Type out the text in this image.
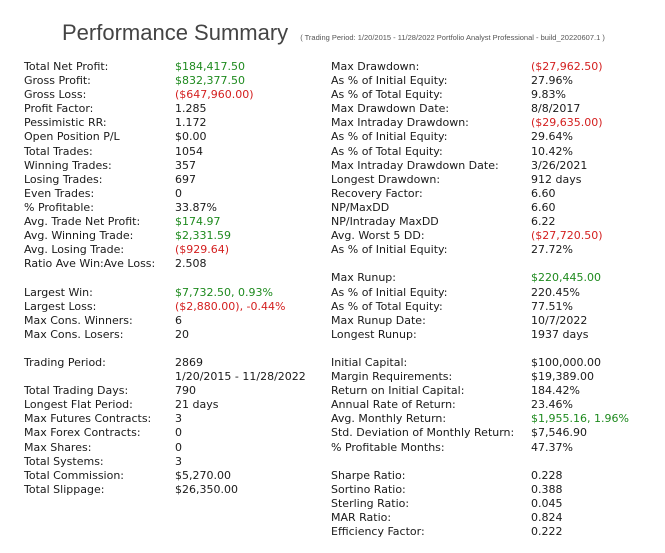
Performance Summary ( Trading Period: 1/20/2015 - 11/28/2022 Portfolio Analyst Professional - build_20220607.1 )
Total Net Profit:	$184,417.50
Gross Profit:	$832,377.50
Gross Loss:	($647,960.00)
Profit Factor:	1.285
Pessimistic RR:	1.172
Open Position P/L	$0.00
Total Trades:	1054
Winning Trades:	357
Losing Trades:	697
Even Trades:	0
% Profitable:	33.87%
Avg. Trade Net Profit:	$174.97
Avg. Winning Trade:	$2,331.59
Avg. Losing Trade:	($929.64)
Ratio Ave Win:Ave Loss: 2.508
Largest Win:	$7,732.50, 0.93%
Largest Loss:	($2,880.00), -0.44%
Max Cons. Winners:	6
Max Cons. Losers:	20
Trading Period:	2869
1/20/2015 - 11/28/2022
Total Trading Days:	790
Longest Flat Period:	21 days
Max Futures Contracts: 3
Max Forex Contracts:	0
Max Shares:	0
Total Systems:	3
Total Commission:	$5,270.00
Total Slippage:	$26,350.00
Max Drawdown:	($27,962.50)
As % of Initial Equity:	27.96%
As % of Total Equity:	9.83%
Max Drawdown Date:	8/8/2017
Max Intraday Drawdown:	($29,635.00)
As % of Initial Equity:	29.64%
As % of Total Equity:	10.42%
Max Intraday Drawdown Date:	3/26/2021
Longest Drawdown:	912 days
Recovery Factor:	6.60
NP/MaxDD	6.60
NP/Intraday MaxDD	6.22
Avg. Worst 5 DD:	($27,720.50)
As % of Initial Equity:	27.72%
Max Runup:	$220,445.00
As % of Initial Equity:	220.45%
As % of Total Equity:	77.51%
Max Runup Date:	10/7/2022
Longest Runup:	1937 days
Initial Capital:	$100,000.00
Margin Requirements:	$19,389.00
Return on Initial Capital:	184.42%
Annual Rate of Return:	23.46%
Avg. Monthly Return:	$1,955.16, 1.96%
Std. Deviation of Monthly Return: $7,546.90
% Profitable Months:	47.37%
Sharpe Ratio:	0.228
Sortino Ratio:	0.388
Sterling Ratio:	0.045
MAR Ratio:	0.824
Efficiency Factor:	0.222
